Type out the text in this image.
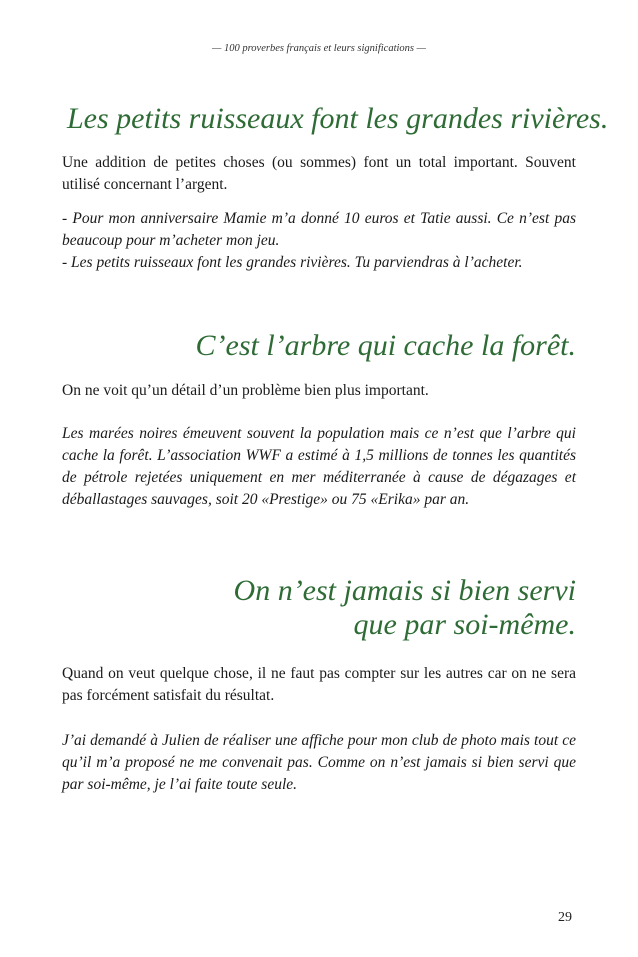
— 100 proverbes français et leurs significations —
Les petits ruisseaux font les grandes rivières.
Une addition de petites choses (ou sommes) font un total important. Souvent utilisé concernant l’argent.
- Pour mon anniversaire Mamie m’a donné 10 euros et Tatie aussi. Ce n’est pas beaucoup pour m’acheter mon jeu.
- Les petits ruisseaux font les grandes rivières. Tu parviendras à l’acheter.
C’est l’arbre qui cache la forêt.
On ne voit qu’un détail d’un problème bien plus important.
Les marées noires émeuvent souvent la population mais ce n’est que l’arbre qui cache la forêt. L’association WWF a estimé à 1,5 millions de tonnes les quantités de pétrole rejetées uniquement en mer méditerranée à cause de dégazages et déballastages sauvages, soit 20 «Prestige» ou 75 «Erika» par an.
On n’est jamais si bien servi
que par soi-même.
Quand on veut quelque chose, il ne faut pas compter sur les autres car on ne sera pas forcément satisfait du résultat.
J’ai demandé à Julien de réaliser une affiche pour mon club de photo mais tout ce qu’il m’a proposé ne me convenait pas. Comme on n’est jamais si bien servi que par soi-même, je l’ai faite toute seule.
29
